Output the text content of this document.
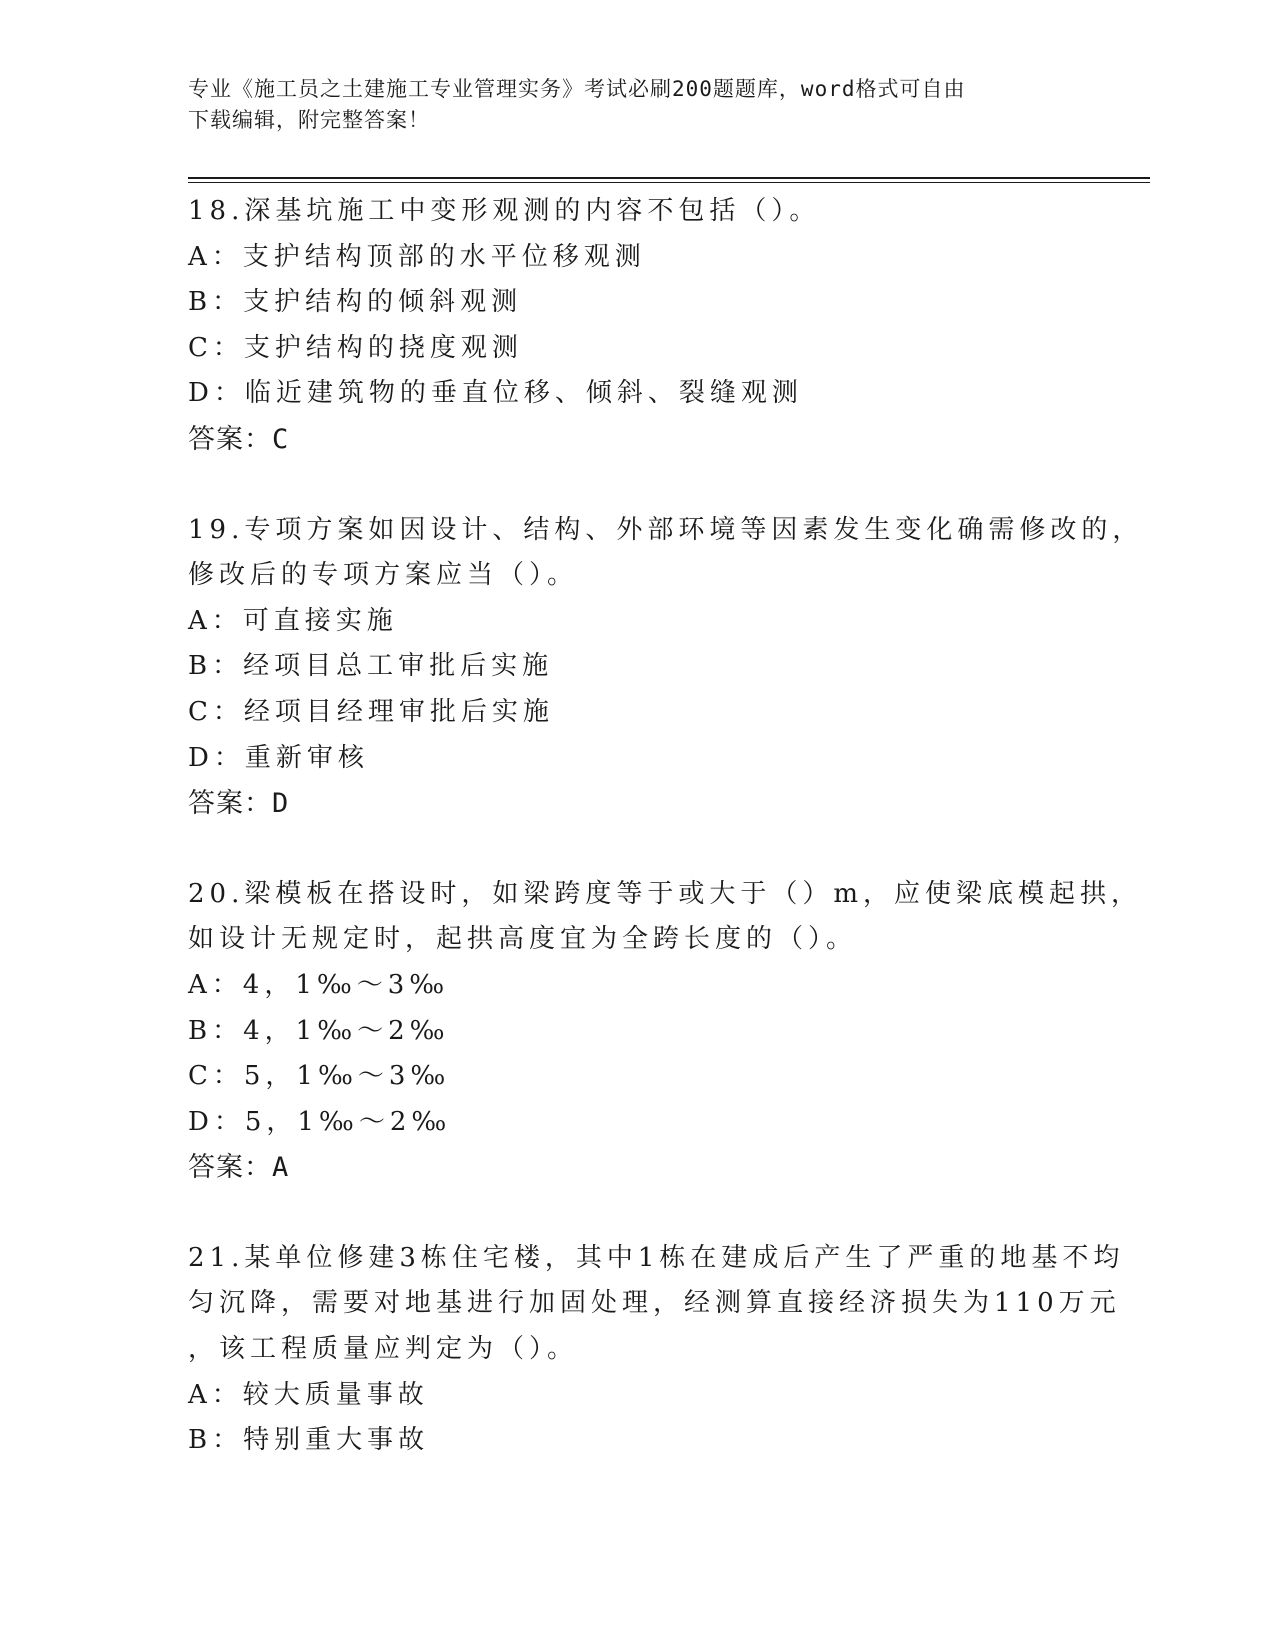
专业《施工员之土建施工专业管理实务》考试必刷200题题库，word格式可自由
下载编辑，附完整答案！
18.深基坑施工中变形观测的内容不包括（）。
A：支护结构顶部的水平位移观测
B：支护结构的倾斜观测
C：支护结构的挠度观测
D：临近建筑物的垂直位移、倾斜、裂缝观测
答案：C
19.专项方案如因设计、结构、外部环境等因素发生变化确需修改的，
修改后的专项方案应当（）。
A：可直接实施
B：经项目总工审批后实施
C：经项目经理审批后实施
D：重新审核
答案：D
20.梁模板在搭设时，如梁跨度等于或大于（）m，应使梁底模起拱，
如设计无规定时，起拱高度宜为全跨长度的（）。
A：4，1‰～3‰
B：4，1‰～2‰
C：5，1‰～3‰
D：5，1‰～2‰
答案：A
21.某单位修建3栋住宅楼，其中1栋在建成后产生了严重的地基不均
匀沉降，需要对地基进行加固处理，经测算直接经济损失为110万元
，该工程质量应判定为（）。
A：较大质量事故
B：特别重大事故
